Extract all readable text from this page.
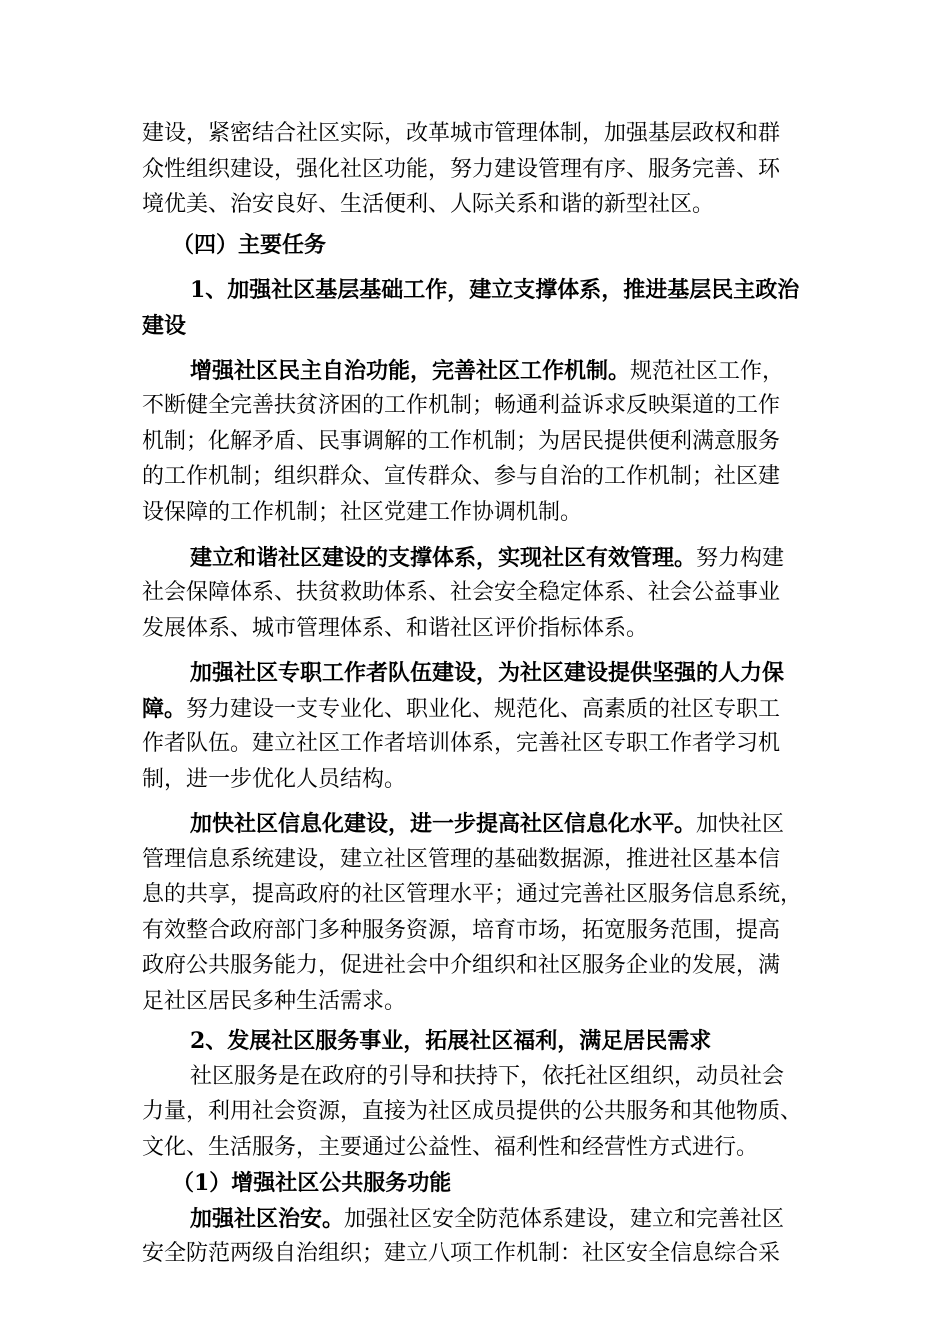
建设，紧密结合社区实际，改革城市管理体制，加强基层政权和群
众性组织建设，强化社区功能，努力建设管理有序、服务完善、环
境优美、治安良好、生活便利、人际关系和谐的新型社区。
（四）主要任务
1、加强社区基层基础工作，建立支撑体系，推进基层民主政治
建设
增强社区民主自治功能，完善社区工作机制。规范社区工作，
不断健全完善扶贫济困的工作机制；畅通利益诉求反映渠道的工作
机制；化解矛盾、民事调解的工作机制；为居民提供便利满意服务
的工作机制；组织群众、宣传群众、参与自治的工作机制；社区建
设保障的工作机制；社区党建工作协调机制。
建立和谐社区建设的支撑体系，实现社区有效管理。努力构建
社会保障体系、扶贫救助体系、社会安全稳定体系、社会公益事业
发展体系、城市管理体系、和谐社区评价指标体系。
加强社区专职工作者队伍建设，为社区建设提供坚强的人力保
障。努力建设一支专业化、职业化、规范化、高素质的社区专职工
作者队伍。建立社区工作者培训体系，完善社区专职工作者学习机
制，进一步优化人员结构。
加快社区信息化建设，进一步提高社区信息化水平。加快社区
管理信息系统建设，建立社区管理的基础数据源，推进社区基本信
息的共享，提高政府的社区管理水平；通过完善社区服务信息系统，
有效整合政府部门多种服务资源，培育市场，拓宽服务范围，提高
政府公共服务能力，促进社会中介组织和社区服务企业的发展，满
足社区居民多种生活需求。
2、发展社区服务事业，拓展社区福利，满足居民需求
社区服务是在政府的引导和扶持下，依托社区组织，动员社会
力量，利用社会资源，直接为社区成员提供的公共服务和其他物质、
文化、生活服务，主要通过公益性、福利性和经营性方式进行。
（1）增强社区公共服务功能
加强社区治安。加强社区安全防范体系建设，建立和完善社区
安全防范两级自治组织；建立八项工作机制：社区安全信息综合采
